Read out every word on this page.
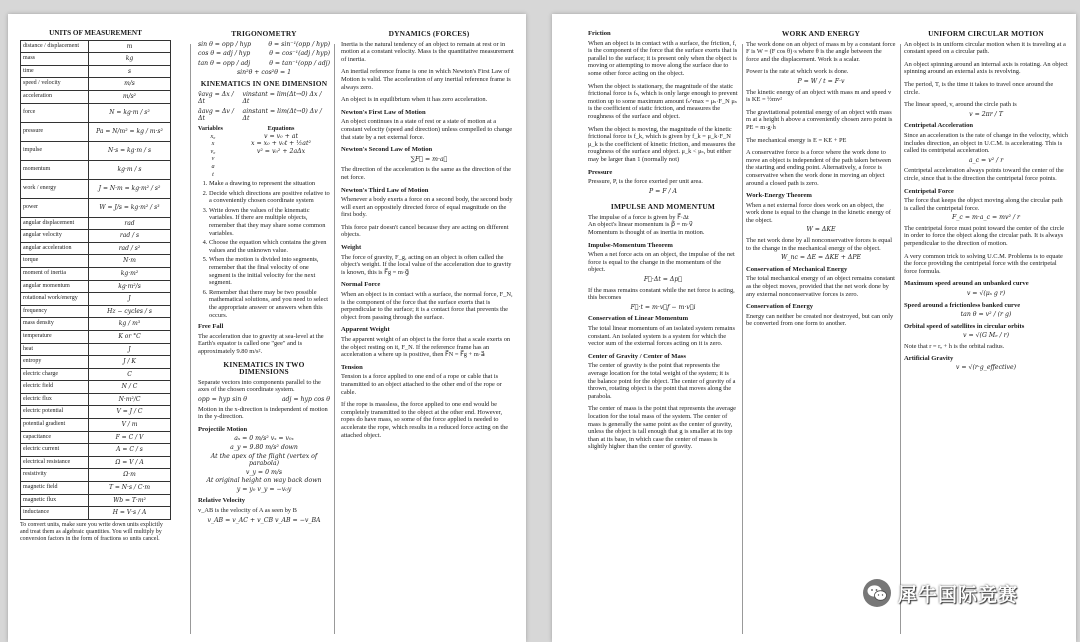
UNITS OF MEASUREMENT	
distance / displacement	m
mass	kg
time	s
speed / velocity	m/s
acceleration	m/s²
force	N = kg·m / s²
pressure	Pa = N/m² = kg / m·s²
impulse	N·s = kg·m / s
momentum	kg·m / s
work / energy	J = N·m = kg·m² / s²
power	W = J/s = kg·m² / s³
angular displacement	rad
angular velocity	rad / s
angular acceleration	rad / s²
torque	N·m
moment of inertia	kg·m²
angular momentum	kg·m²/s
rotational work/energy	J
frequency	Hz − cycles / s
mass density	kg / m³
temperature	K or °C
heat	J
entropy	J / K
electric charge	C
electric field	N / C
electric flux	N·m²/C
electric potential	V = J / C
potential gradient	V / m
capacitance	F = C / V
electric current	A = C / s
electrical resistance	Ω = V / A
resistivity	Ω·m
magnetic field	T = N·s / C·m
magnetic flux	Wb = T·m²
inductance	H = V·s / A
To convert units, make sure you write down units explicitly and treat them as algebraic quantities. You will multiply by conversion factors in the form of fractions so units cancel.
TRIGONOMETRY
sin θ = opp / hyp	θ = sin⁻¹(opp / hyp)
cos θ = adj / hyp	θ = cos⁻¹(adj / hyp)
tan θ = opp / adj	θ = tan⁻¹(opp / adj)
sin²θ + cos²θ = 1
KINEMATICS IN ONE DIMENSION
v̄avg = Δx / Δt
vinstant = lim(Δt→0) Δx / Δt
āavg = Δv / Δt
ainstant = lim(Δt→0) Δv / Δt
Variables	Equations
x₀	v = v₀ + at
x	x = x₀ + v₀t + ½at²
v₀	v² = v₀² + 2aΔx
v
a
t
1. Make a drawing to represent the situation
2. Decide which directions are positive relative to a conveniently chosen coordinate system
3. Write down the values of the kinematic variables. If there are multiple objects, remember that they may share some common variables.
4. Choose the equation which contains the given values and the unknown value.
5. When the motion is divided into segments, remember that the final velocity of one segment is the initial velocity for the next segment.
6. Remember that there may be two possible mathematical solutions, and you need to select the appropriate answer or answers when this occurs.
Free Fall

The acceleration due to gravity at sea-level at the Earth's equator is called one "gee" and is approximately 9.80 m/s².

KINEMATICS IN TWO DIMENSIONS

Separate vectors into components parallel to the axes of the chosen coordinate system.

opp = hyp sin θ	adj = hyp cos θ

Motion in the x-direction is independent of motion in the y-direction.

Projectile Motion
aₓ = 0 m/s² vₓ = v₀ₓ
a_y = 9.80 m/s² down
At the apex of the flight (vertex of parabola)
v_y = 0 m/s
At original height on way back down
y = y₀ v_y = −v₀y
Relative Velocity
v_AB is the velocity of A as seen by B
v_AB = v_AC + v_CB v_AB = −v_BA
DYNAMICS (FORCES)

Inertia is the natural tendency of an object to remain at rest or in motion at a constant velocity. Mass is the quantitative measurement of inertia.

An inertial reference frame is one in which Newton's First Law of Motion is valid. The acceleration of any inertial reference frame is always zero.

An object is in equilibrium when it has zero acceleration.

Newton's First Law of Motion

An object continues in a state of rest or a state of motion at a constant velocity (speed and direction) unless compelled to change that state by a net external force.

Newton's Second Law of Motion
∑F⃗ = m·a⃗

The direction of the acceleration is the same as the direction of the net force.

Newton's Third Law of Motion

Whenever a body exerts a force on a second body, the second body will exert an oppositely directed force of equal magnitude on the first body.

This force pair doesn't cancel because they are acting on different objects.

Weight

The force of gravity, F_g, acting on an object is often called the object's weight. If the local value of the acceleration due to gravity is known, this is F⃗g = m·g⃗

Normal Force

When an object is in contact with a surface, the normal force, F_N, is the component of the force that the surface exerts that is perpendicular to the surface; it is a contact force that prevents the object from passing through the surface.

Apparent Weight

The apparent weight of an object is the force that a scale exerts on the object resting on it, F_N. If the reference frame has an acceleration a where up is positive, then F⃗N = F⃗g + m·a⃗

Tension

Tension is a force applied to one end of a rope or cable that is transmitted to an object attached to the other end of the rope or cable.

If the rope is massless, the force applied to one end would be completely transmitted to the object at the other end. However, ropes do have mass, so some of the force applied is needed to accelerate the rope, which results in a reduced force acting on the attached object.

Friction

When an object is in contact with a surface, the friction, f, is the component of the force that the surface exerts that is parallel to the surface; it is present only when the object is moving or attempting to move along the surface due to some other force acting on the object.

When the object is stationary, the magnitude of the static frictional force is fₛ, which is only large enough to prevent motion up to some maximum amount fₛ^max = μₛ·F_N μₛ is the coefficient of static friction, and measures the roughness of the surface and object.

When the object is moving, the magnitude of the kinetic frictional force is f_k, which is given by f_k = μ_k·F_N μ_k is the coefficient of kinetic friction, and measures the roughness of the surface and object. μ_k < μₛ, but either may be larger than 1 (normally not)

Pressure

Pressure, P, is the force exerted per unit area.

P = F / A
IMPULSE AND MOMENTUM
The impulse of a force is given by F⃗·Δt
An object's linear momentum is p⃗ = m·v⃗

Momentum is thought of as inertia in motion.

Impulse-Momentum Theorem

When a net force acts on an object, the impulse of the net force is equal to the change in the momentum of the object.

F⃗·Δt = Δp⃗

If the mass remains constant while the net force is acting, this becomes

F⃗·t = m·v⃗f − m·v⃗i
Conservation of Linear Momentum

The total linear momentum of an isolated system remains constant. An isolated system is a system for which the vector sum of the external forces acting on it is zero.

Center of Gravity / Center of Mass

The center of gravity is the point that represents the average location for the total weight of the system; it is the balance point for the object. The center of gravity of a thrown, rotating object is the point that moves along the parabola.

The center of mass is the point that represents the average location for the total mass of the system. The center of mass is generally the same point as the center of gravity, unless the object is tall enough that g is smaller at its top than at its base, in which case the center of mass is slightly higher than the center of gravity.

WORK AND ENERGY

The work done on an object of mass m by a constant force F is W = (F cos θ)·s where θ is the angle between the force and the displacement. Work is a scalar.

Power is the rate at which work is done.

P = W / t = F·v

The kinetic energy of an object with mass m and speed v is KE = ½mv²

The gravitational potential energy of an object with mass m at a height h above a conveniently chosen zero point is PE = m·g·h

The mechanical energy is E = KE + PE

A conservative force is a force where the work done to move an object is independent of the path taken between the starting and ending point. Alternatively, a force is conservative when the work done in moving an object around a closed path is zero.

Work-Energy Theorem

When a net external force does work on an object, the work done is equal to the change in the kinetic energy of the object.

W = ΔKE

The net work done by all nonconservative forces is equal to the change in the mechanical energy of the object.

W_nc = ΔE = ΔKE + ΔPE
Conservation of Mechanical Energy

The total mechanical energy of an object remains constant as the object moves, provided that the net work done by any external nonconservative forces is zero.

Conservation of Energy

Energy can neither be created nor destroyed, but can only be converted from one form to another.

UNIFORM CIRCULAR MOTION

An object is in uniform circular motion when it is traveling at a constant speed on a circular path.

An object spinning around an internal axis is rotating. An object spinning around an external axis is revolving.

The period, T, is the time it takes to travel once around the circle.

The linear speed, v, around the circle path is

v = 2πr / T
Centripetal Acceleration

Since an acceleration is the rate of change in the velocity, which includes direction, an object in U.C.M. is accelerating. This is called its centripetal acceleration.

a_c = v² / r

Centripetal acceleration always points toward the center of the circle, since that is the direction the centripetal force points.

Centripetal Force

The force that keeps the object moving along the circular path is called the centripetal force.

F_c = m·a_c = mv² / r

The centripetal force must point toward the center of the circle in order to force the object along the circular path. It is always perpendicular to the direction of motion.

A very common trick to solving U.C.M. Problems is to equate the force providing the centripetal force with the centripetal force formula.

Maximum speed around an unbanked curve
v = √(μₛ g r)
Speed around a frictionless banked curve
tan θ = v² / (r g)
Orbital speed of satellites in circular orbits
v = √(G Mₑ / r)
Note that r = rₑ + h is the orbital radius.
Artificial Gravity
v = √(r·g_effective)
犀牛国际竞赛
